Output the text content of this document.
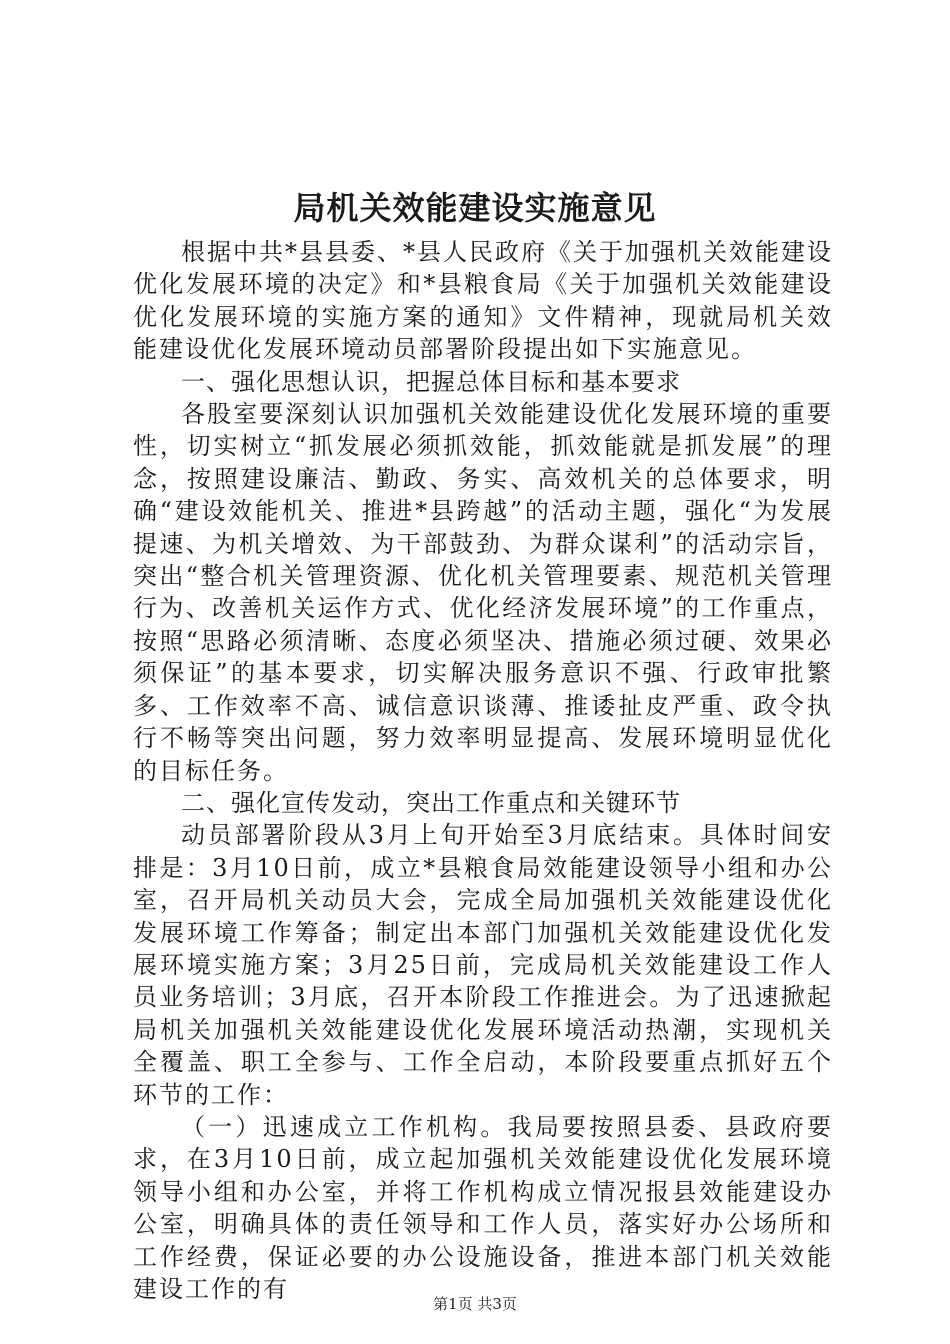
局机关效能建设实施意见

根据中共*县县委、*县人民政府《关于加强机关效能建设优化发展环境的决定》和*县粮食局《关于加强机关效能建设优化发展环境的实施方案的通知》文件精神，现就局机关效能建设优化发展环境动员部署阶段提出如下实施意见。

一、强化思想认识，把握总体目标和基本要求

各股室要深刻认识加强机关效能建设优化发展环境的重要性，切实树立“抓发展必须抓效能，抓效能就是抓发展”的理念，按照建设廉洁、勤政、务实、高效机关的总体要求，明确“建设效能机关、推进*县跨越”的活动主题，强化“为发展提速、为机关增效、为干部鼓劲、为群众谋利”的活动宗旨，突出“整合机关管理资源、优化机关管理要素、规范机关管理行为、改善机关运作方式、优化经济发展环境”的工作重点，按照“思路必须清晰、态度必须坚决、措施必须过硬、效果必须保证”的基本要求，切实解决服务意识不强、行政审批繁多、工作效率不高、诚信意识谈薄、推诿扯皮严重、政令执行不畅等突出问题，努力效率明显提高、发展环境明显优化的目标任务。

二、强化宣传发动，突出工作重点和关键环节

动员部署阶段从3月上旬开始至3月底结束。具体时间安排是：3月10日前，成立*县粮食局效能建设领导小组和办公室，召开局机关动员大会，完成全局加强机关效能建设优化发展环境工作筹备；制定出本部门加强机关效能建设优化发展环境实施方案；3月25日前，完成局机关效能建设工作人员业务培训；3月底，召开本阶段工作推进会。为了迅速掀起局机关加强机关效能建设优化发展环境活动热潮，实现机关全覆盖、职工全参与、工作全启动，本阶段要重点抓好五个环节的工作：

（一）迅速成立工作机构。我局要按照县委、县政府要求，在3月10日前，成立起加强机关效能建设优化发展环境领导小组和办公室，并将工作机构成立情况报县效能建设办公室，明确具体的责任领导和工作人员，落实好办公场所和工作经费，保证必要的办公设施设备，推进本部门机关效能建设工作的有

第1页 共3页
